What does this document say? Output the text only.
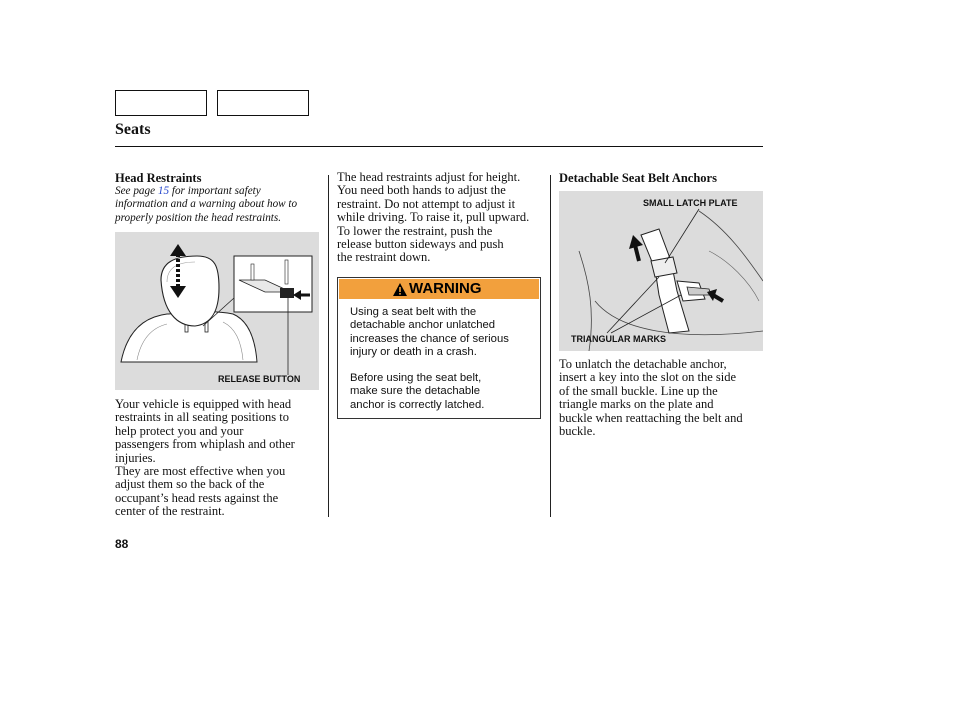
Seats
Head Restraints
See page 15 for important safety
information and a warning about how to
properly position the head restraints.
RELEASE BUTTON
Your vehicle is equipped with head
restraints in all seating positions to
help protect you and your
passengers from whiplash and other
injuries.
They are most effective when you
adjust them so the back of the
occupant’s head rests against the
center of the restraint.
The head restraints adjust for height.
You need both hands to adjust the
restraint. Do not attempt to adjust it
while driving. To raise it, pull upward.
To lower the restraint, push the
release button sideways and push
the restraint down.
WARNING
Using a seat belt with the
detachable anchor unlatched
increases the chance of serious
injury or death in a crash.
Before using the seat belt,
make sure the detachable
anchor is correctly latched.
Detachable Seat Belt Anchors
SMALL LATCH PLATE
TRIANGULAR MARKS
To unlatch the detachable anchor,
insert a key into the slot on the side
of the small buckle. Line up the
triangle marks on the plate and
buckle when reattaching the belt and
buckle.
88
